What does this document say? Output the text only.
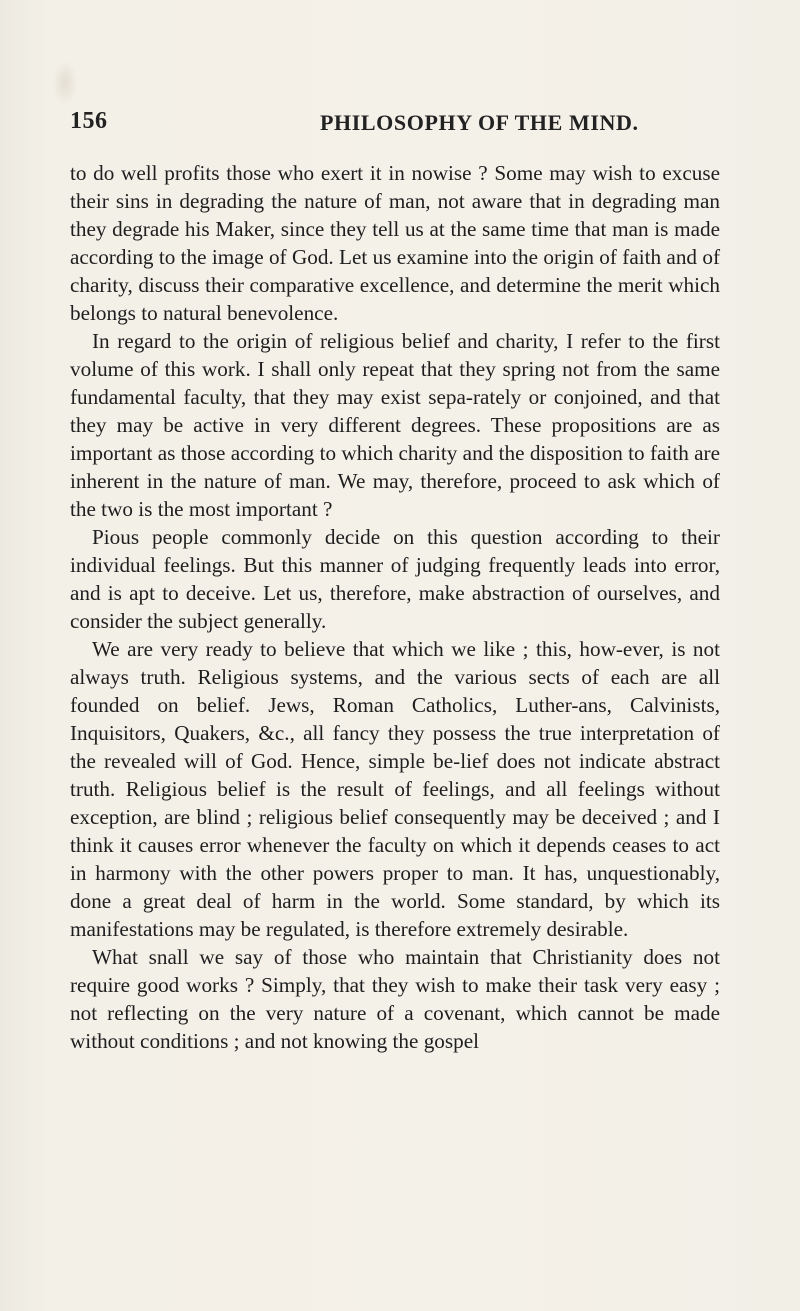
156	PHILOSOPHY OF THE MIND.

to do well profits those who exert it in nowise ? Some may wish to excuse their sins in degrading the nature of man, not aware that in degrading man they degrade his Maker, since they tell us at the same time that man is made according to the image of God. Let us examine into the origin of faith and of charity, discuss their comparative excellence, and determine the merit which belongs to natural benevolence.

In regard to the origin of religious belief and charity, I refer to the first volume of this work. I shall only repeat that they spring not from the same fundamental faculty, that they may exist sepa-rately or conjoined, and that they may be active in very different degrees. These propositions are as important as those according to which charity and the disposition to faith are inherent in the nature of man. We may, therefore, proceed to ask which of the two is the most important ?

Pious people commonly decide on this question according to their individual feelings. But this manner of judging frequently leads into error, and is apt to deceive. Let us, therefore, make abstraction of ourselves, and consider the subject generally.

We are very ready to believe that which we like ; this, how-ever, is not always truth. Religious systems, and the various sects of each are all founded on belief. Jews, Roman Catholics, Luther-ans, Calvinists, Inquisitors, Quakers, &c., all fancy they possess the true interpretation of the revealed will of God. Hence, simple be-lief does not indicate abstract truth. Religious belief is the result of feelings, and all feelings without exception, are blind ; religious belief consequently may be deceived ; and I think it causes error whenever the faculty on which it depends ceases to act in harmony with the other powers proper to man. It has, unquestionably, done a great deal of harm in the world. Some standard, by which its manifestations may be regulated, is therefore extremely desirable.

What snall we say of those who maintain that Christianity does not require good works ? Simply, that they wish to make their task very easy ; not reflecting on the very nature of a covenant, which cannot be made without conditions ; and not knowing the gospel
